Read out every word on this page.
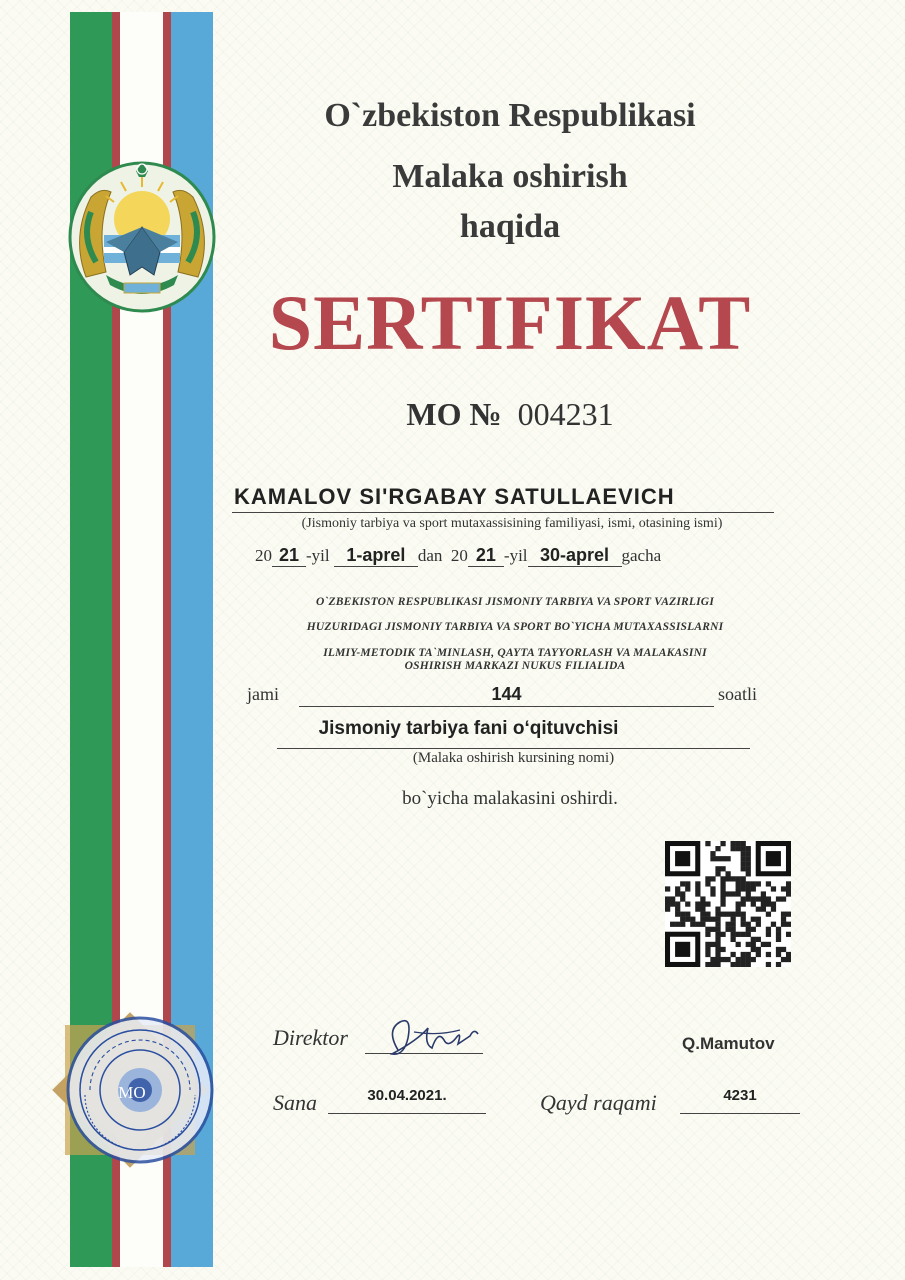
O`zbekiston Respublikasi
Malaka oshirish
haqida
SERTIFIKAT
MO № 004231
KAMALOV SI'RGABAY SATULLAEVICH
(Jismoniy tarbiya va sport mutaxassisining familiyasi, ismi, otasining ismi)
20 21 -yil 1-aprel dan 20 21 -yil 30-aprel gacha
O`ZBEKISTON RESPUBLIKASI JISMONIY TARBIYA VA SPORT VAZIRLIGI
HUZURIDAGI JISMONIY TARBIYA VA SPORT BO`YICHA MUTAXASSISLARNI
ILMIY-METODIK TA`MINLASH, QAYTA TAYYORLASH VA MALAKASINI
OSHIRISH MARKAZI NUKUS FILIALIDA
jami	144	soatli
Jismoniy tarbiya fani o‘qituvchisi
(Malaka oshirish kursining nomi)
bo`yicha malakasini oshirdi.
Direktor	Q.Mamutov
Sana	30.04.2021.	Qayd raqami	4231
MO
